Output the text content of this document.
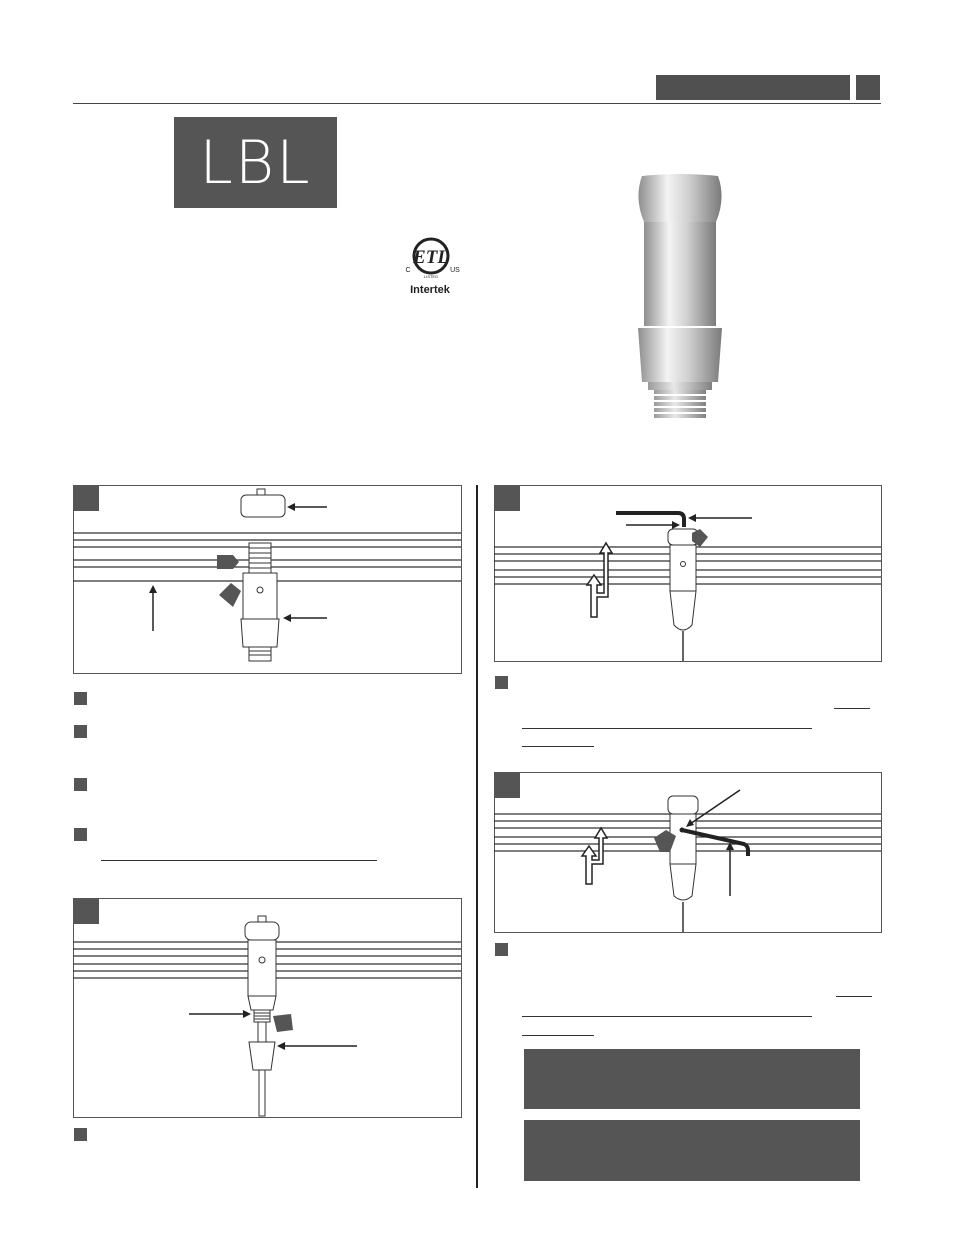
LBL
ETL
C	US
LISTED
Intertek
